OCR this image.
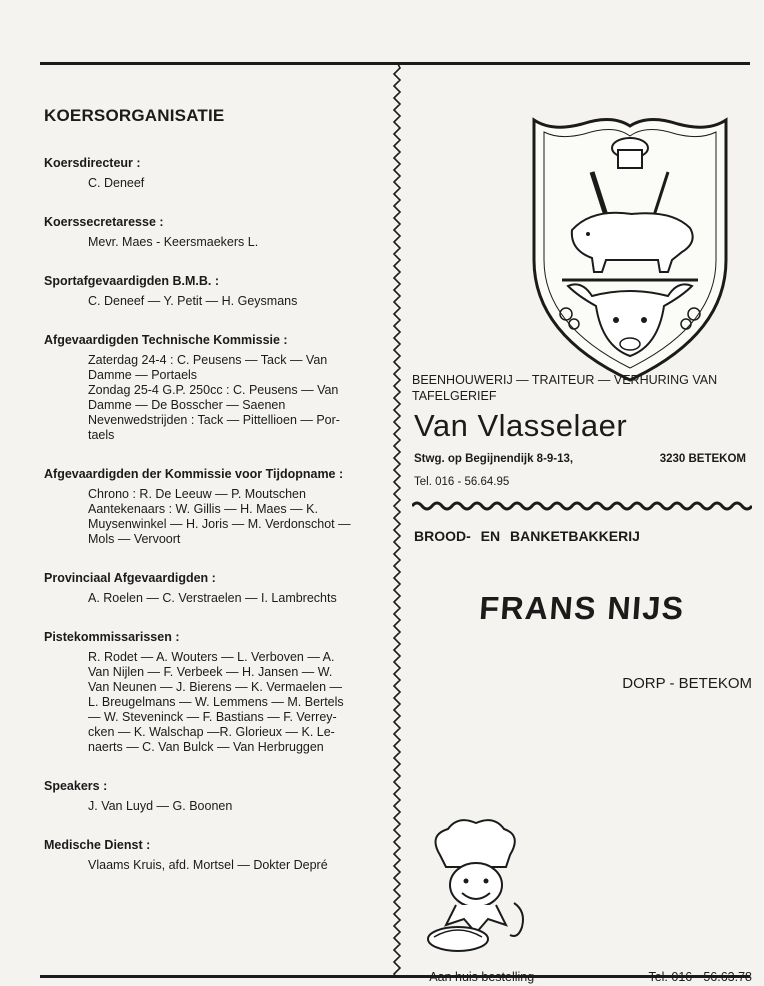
KOERSORGANISATIE
Koersdirecteur :
C. Deneef
Koerssecretaresse :
Mevr. Maes - Keersmaekers L.
Sportafgevaardigden B.M.B. :
C. Deneef — Y. Petit — H. Geysmans
Afgevaardigden Technische Kommissie :
Zaterdag 24-4 : C. Peusens — Tack — Van
Damme — Portaels
Zondag 25-4 G.P. 250cc : C. Peusens — Van
Damme — De Bosscher — Saenen
Nevenwedstrijden : Tack — Pittellioen — Por-
taels
Afgevaardigden der Kommissie voor Tijdopname :
Chrono : R. De Leeuw — P. Moutschen
Aantekenaars : W. Gillis — H. Maes — K.
Muysenwinkel — H. Joris — M. Verdonschot —
Mols — Vervoort
Provinciaal Afgevaardigden :
A. Roelen — C. Verstraelen — I. Lambrechts
Pistekommissarissen :
R. Rodet — A. Wouters — L. Verboven — A.
Van Nijlen — F. Verbeek — H. Jansen — W.
Van Neunen — J. Bierens — K. Vermaelen —
L. Breugelmans — W. Lemmens — M. Bertels
— W. Steveninck — F. Bastians — F. Verrey-
cken — K. Walschap —R. Glorieux — K. Le-
naerts — C. Van Bulck — Van Herbruggen
Speakers :
J. Van Luyd — G. Boonen
Medische Dienst :
Vlaams Kruis, afd. Mortsel — Dokter Depré
BEENHOUWERIJ — TRAITEUR — VERHURING VAN TAFELGERIEF
Van Vlasselaer
Stwg. op Begijnendijk 8-9-13,	3230 BETEKOM
Tel. 016 - 56.64.95
BROOD- EN BANKETBAKKERIJ
FRANS NIJS
DORP - BETEKOM
— Aan huis bestelling	Tel. 016 - 56.63.78
